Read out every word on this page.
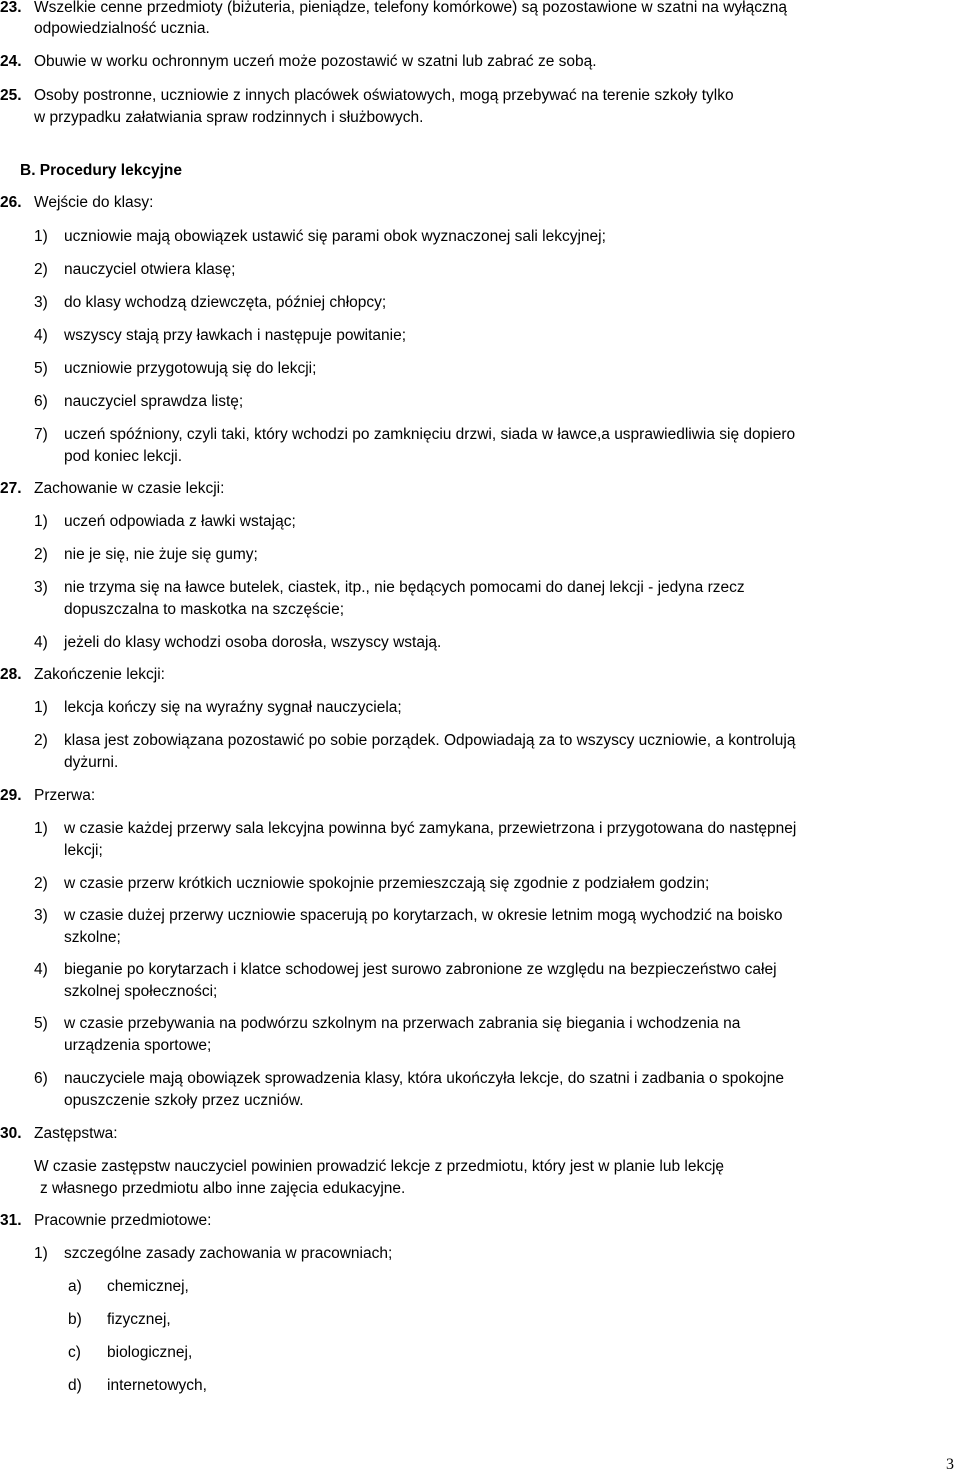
23. Wszelkie cenne przedmioty (biżuteria, pieniądze, telefony komórkowe) są pozostawione w szatni na wyłączną
odpowiedzialność ucznia.
24. Obuwie w worku ochronnym uczeń może pozostawić w szatni lub zabrać ze sobą.
25. Osoby postronne, uczniowie z innych placówek oświatowych, mogą przebywać na terenie szkoły tylko
w przypadku załatwiania spraw rodzinnych i służbowych.
B. Procedury lekcyjne
26. Wejście do klasy:
1) uczniowie mają obowiązek ustawić się parami obok wyznaczonej sali lekcyjnej;
2) nauczyciel otwiera klasę;
3) do klasy wchodzą dziewczęta, później chłopcy;
4) wszyscy stają przy ławkach i następuje powitanie;
5) uczniowie przygotowują się do lekcji;
6) nauczyciel sprawdza listę;
7) uczeń spóźniony, czyli taki, który wchodzi po zamknięciu drzwi, siada w ławce,a usprawiedliwia się dopiero
pod koniec lekcji.
27. Zachowanie w czasie lekcji:
1) uczeń odpowiada z ławki wstając;
2) nie je się, nie żuje się gumy;
3) nie trzyma się na ławce butelek, ciastek, itp., nie będących pomocami do danej lekcji - jedyna rzecz
dopuszczalna to maskotka na szczęście;
4) jeżeli do klasy wchodzi osoba dorosła, wszyscy wstają.
28. Zakończenie lekcji:
1) lekcja kończy się na wyraźny sygnał nauczyciela;
2) klasa jest zobowiązana pozostawić po sobie porządek. Odpowiadają za to wszyscy uczniowie, a kontrolują
dyżurni.
29. Przerwa:
1) w czasie każdej przerwy sala lekcyjna powinna być zamykana, przewietrzona i przygotowana do następnej
lekcji;
2) w czasie przerw krótkich uczniowie spokojnie przemieszczają się zgodnie z podziałem godzin;
3) w czasie dużej przerwy uczniowie spacerują po korytarzach, w okresie letnim mogą wychodzić na boisko
szkolne;
4) bieganie po korytarzach i klatce schodowej jest surowo zabronione ze względu na bezpieczeństwo całej
szkolnej społeczności;
5) w czasie przebywania na podwórzu szkolnym na przerwach zabrania się biegania i wchodzenia na
urządzenia sportowe;
6) nauczyciele mają obowiązek sprowadzenia klasy, która ukończyła lekcje, do szatni i zadbania o spokojne
opuszczenie szkoły przez uczniów.
30. Zastępstwa:
W czasie zastępstw nauczyciel powinien prowadzić lekcje z przedmiotu, który jest w planie lub lekcję
z własnego przedmiotu albo inne zajęcia edukacyjne.
31. Pracownie przedmiotowe:
1) szczególne zasady zachowania w pracowniach;
a) chemicznej,
b) fizycznej,
c) biologicznej,
d) internetowych,
3
